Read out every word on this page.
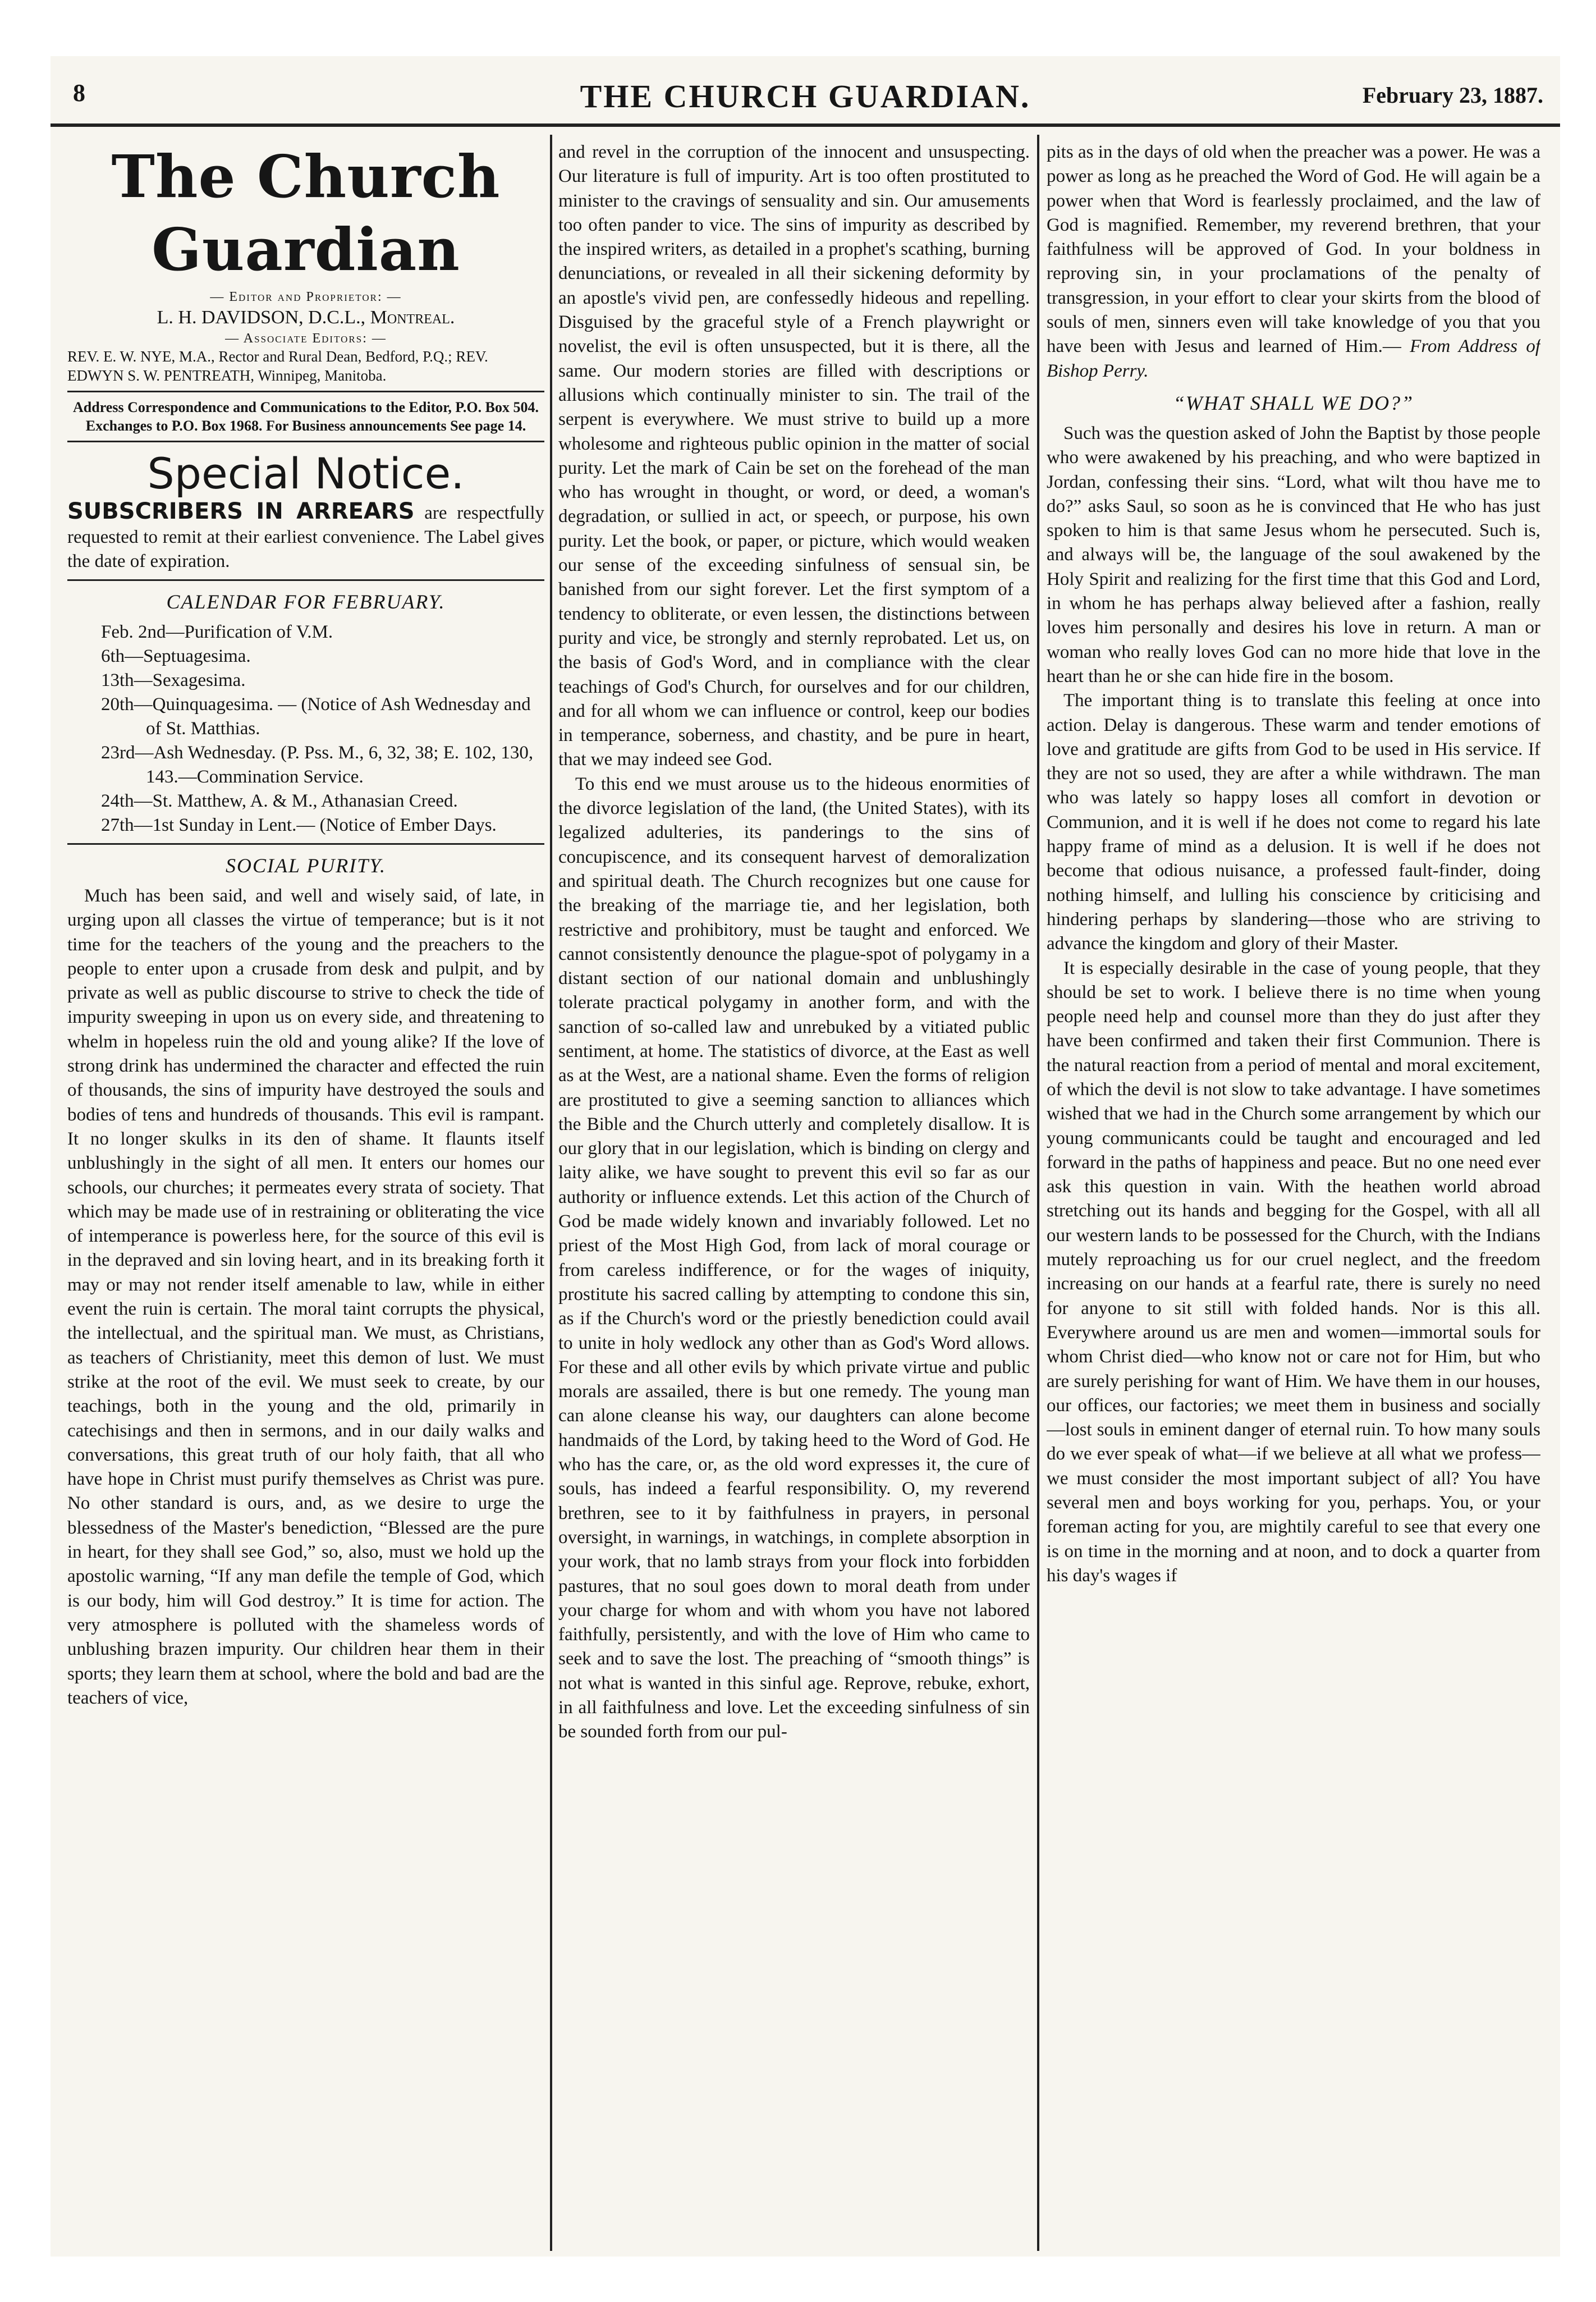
8	THE CHURCH GUARDIAN.	February 23, 1887.
The Church Guardian
— Editor and Proprietor: —
L. H. DAVIDSON, D.C.L., Montreal.
— Associate Editors: —
REV. E. W. NYE, M.A., Rector and Rural Dean, Bedford, P.Q.; REV. EDWYN S. W. PENTREATH, Winnipeg, Manitoba.
Address Correspondence and Communications to the Editor, P.O. Box 504. Exchanges to P.O. Box 1968. For Business announcements See page 14.
Special Notice.

SUBSCRIBERS IN ARREARS are respectfully requested to remit at their earliest convenience. The Label gives the date of expiration.

CALENDAR FOR FEBRUARY.
Feb. 2nd—Purification of V.M.
6th—Septuagesima.
13th—Sexagesima.
20th—Quinquagesima. — (Notice of Ash Wednesday and of St. Matthias.
23rd—Ash Wednesday. (P. Pss. M., 6, 32, 38; E. 102, 130, 143.—Commination Service.
24th—St. Matthew, A. & M., Athanasian Creed.
27th—1st Sunday in Lent.— (Notice of Ember Days.
SOCIAL PURITY.

Much has been said, and well and wisely said, of late, in urging upon all classes the virtue of temperance; but is it not time for the teachers of the young and the preachers to the people to enter upon a crusade from desk and pulpit, and by private as well as public discourse to strive to check the tide of impurity sweeping in upon us on every side, and threatening to whelm in hopeless ruin the old and young alike? If the love of strong drink has undermined the character and effected the ruin of thousands, the sins of impurity have destroyed the souls and bodies of tens and hundreds of thousands. This evil is rampant. It no longer skulks in its den of shame. It flaunts itself unblushingly in the sight of all men. It enters our homes our schools, our churches; it permeates every strata of society. That which may be made use of in restraining or obliterating the vice of intemperance is powerless here, for the source of this evil is in the depraved and sin loving heart, and in its breaking forth it may or may not render itself amenable to law, while in either event the ruin is certain. The moral taint corrupts the physical, the intellectual, and the spiritual man. We must, as Christians, as teachers of Christianity, meet this demon of lust. We must strike at the root of the evil. We must seek to create, by our teachings, both in the young and the old, primarily in catechisings and then in sermons, and in our daily walks and conversations, this great truth of our holy faith, that all who have hope in Christ must purify themselves as Christ was pure. No other standard is ours, and, as we desire to urge the blessedness of the Master's benediction, “Blessed are the pure in heart, for they shall see God,” so, also, must we hold up the apostolic warning, “If any man defile the temple of God, which is our body, him will God destroy.” It is time for action. The very atmosphere is polluted with the shameless words of unblushing brazen impurity. Our children hear them in their sports; they learn them at school, where the bold and bad are the teachers of vice,

and revel in the corruption of the innocent and unsuspecting. Our literature is full of impurity. Art is too often prostituted to minister to the cravings of sensuality and sin. Our amusements too often pander to vice. The sins of impurity as described by the inspired writers, as detailed in a prophet's scathing, burning denunciations, or revealed in all their sickening deformity by an apostle's vivid pen, are confessedly hideous and repelling. Disguised by the graceful style of a French playwright or novelist, the evil is often unsuspected, but it is there, all the same. Our modern stories are filled with descriptions or allusions which continually minister to sin. The trail of the serpent is everywhere. We must strive to build up a more wholesome and righteous public opinion in the matter of social purity. Let the mark of Cain be set on the forehead of the man who has wrought in thought, or word, or deed, a woman's degradation, or sullied in act, or speech, or purpose, his own purity. Let the book, or paper, or picture, which would weaken our sense of the exceeding sinfulness of sensual sin, be banished from our sight forever. Let the first symptom of a tendency to obliterate, or even lessen, the distinctions between purity and vice, be strongly and sternly reprobated. Let us, on the basis of God's Word, and in compliance with the clear teachings of God's Church, for ourselves and for our children, and for all whom we can influence or control, keep our bodies in temperance, soberness, and chastity, and be pure in heart, that we may indeed see God.

To this end we must arouse us to the hideous enormities of the divorce legislation of the land, (the United States), with its legalized adulteries, its panderings to the sins of concupiscence, and its consequent harvest of demoralization and spiritual death. The Church recognizes but one cause for the breaking of the marriage tie, and her legislation, both restrictive and prohibitory, must be taught and enforced. We cannot consistently denounce the plague-spot of polygamy in a distant section of our national domain and unblushingly tolerate practical polygamy in another form, and with the sanction of so-called law and unrebuked by a vitiated public sentiment, at home. The statistics of divorce, at the East as well as at the West, are a national shame. Even the forms of religion are prostituted to give a seeming sanction to alliances which the Bible and the Church utterly and completely disallow. It is our glory that in our legislation, which is binding on clergy and laity alike, we have sought to prevent this evil so far as our authority or influence extends. Let this action of the Church of God be made widely known and invariably followed. Let no priest of the Most High God, from lack of moral courage or from careless indifference, or for the wages of iniquity, prostitute his sacred calling by attempting to condone this sin, as if the Church's word or the priestly benediction could avail to unite in holy wedlock any other than as God's Word allows. For these and all other evils by which private virtue and public morals are assailed, there is but one remedy. The young man can alone cleanse his way, our daughters can alone become handmaids of the Lord, by taking heed to the Word of God. He who has the care, or, as the old word expresses it, the cure of souls, has indeed a fearful responsibility. O, my reverend brethren, see to it by faithfulness in prayers, in personal oversight, in warnings, in watchings, in complete absorption in your work, that no lamb strays from your flock into forbidden pastures, that no soul goes down to moral death from under your charge for whom and with whom you have not labored faithfully, persistently, and with the love of Him who came to seek and to save the lost. The preaching of “smooth things” is not what is wanted in this sinful age. Reprove, rebuke, exhort, in all faithfulness and love. Let the exceeding sinfulness of sin be sounded forth from our pul-

pits as in the days of old when the preacher was a power. He was a power as long as he preached the Word of God. He will again be a power when that Word is fearlessly proclaimed, and the law of God is magnified. Remember, my reverend brethren, that your faithfulness will be approved of God. In your boldness in reproving sin, in your proclamations of the penalty of transgression, in your effort to clear your skirts from the blood of souls of men, sinners even will take knowledge of you that you have been with Jesus and learned of Him.— From Address of Bishop Perry.

“WHAT SHALL WE DO?”

Such was the question asked of John the Baptist by those people who were awakened by his preaching, and who were baptized in Jordan, confessing their sins. “Lord, what wilt thou have me to do?” asks Saul, so soon as he is convinced that He who has just spoken to him is that same Jesus whom he persecuted. Such is, and always will be, the language of the soul awakened by the Holy Spirit and realizing for the first time that this God and Lord, in whom he has perhaps alway believed after a fashion, really loves him personally and desires his love in return. A man or woman who really loves God can no more hide that love in the heart than he or she can hide fire in the bosom.

The important thing is to translate this feeling at once into action. Delay is dangerous. These warm and tender emotions of love and gratitude are gifts from God to be used in His service. If they are not so used, they are after a while withdrawn. The man who was lately so happy loses all comfort in devotion or Communion, and it is well if he does not come to regard his late happy frame of mind as a delusion. It is well if he does not become that odious nuisance, a professed fault-finder, doing nothing himself, and lulling his conscience by criticising and hindering perhaps by slandering—those who are striving to advance the kingdom and glory of their Master.

It is especially desirable in the case of young people, that they should be set to work. I believe there is no time when young people need help and counsel more than they do just after they have been confirmed and taken their first Communion. There is the natural reaction from a period of mental and moral excitement, of which the devil is not slow to take advantage. I have sometimes wished that we had in the Church some arrangement by which our young communicants could be taught and encouraged and led forward in the paths of happiness and peace. But no one need ever ask this question in vain. With the heathen world abroad stretching out its hands and begging for the Gospel, with all all our western lands to be possessed for the Church, with the Indians mutely reproaching us for our cruel neglect, and the freedom increasing on our hands at a fearful rate, there is surely no need for anyone to sit still with folded hands. Nor is this all. Everywhere around us are men and women—immortal souls for whom Christ died—who know not or care not for Him, but who are surely perishing for want of Him. We have them in our houses, our offices, our factories; we meet them in business and socially—lost souls in eminent danger of eternal ruin. To how many souls do we ever speak of what—if we believe at all what we profess—we must consider the most important subject of all? You have several men and boys working for you, perhaps. You, or your foreman acting for you, are mightily careful to see that every one is on time in the morning and at noon, and to dock a quarter from his day's wages if
